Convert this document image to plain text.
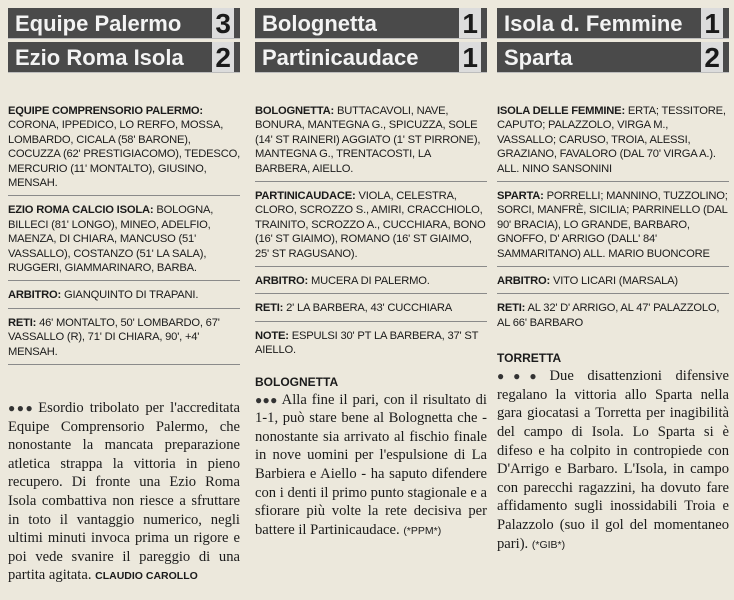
Equipe Palermo 3
Ezio Roma Isola 2
EQUIPE COMPRENSORIO PALERMO: CORONA, IPPEDICO, LO RERFO, MOSSA, LOMBARDO, CICALA (58' BARONE), COCUZZA (62' PRESTIGIACOMO), TEDESCO, MERCURIO (11' MONTALTO), GIUSINO, MENSAH.
EZIO ROMA CALCIO ISOLA: BOLOGNA, BILLECI (81' LONGO), MINEO, ADELFIO, MAENZA, DI CHIARA, MANCUSO (51' VASSALLO), COSTANZO (51' LA SALA), RUGGERI, GIAMMARINARO, BARBA.
ARBITRO: GIANQUINTO DI TRAPANI.
RETI: 46' MONTALTO, 50' LOMBARDO, 67' VASSALLO (R), 71' DI CHIARA, 90', +4' MENSAH.
●●● Esordio tribolato per l'accreditata Equipe Comprensorio Palermo, che nonostante la mancata preparazione atletica strappa la vittoria in pieno recupero. Di fronte una Ezio Roma Isola combattiva non riesce a sfruttare in toto il vantaggio numerico, negli ultimi minuti invoca prima un rigore e poi vede svanire il pareggio di una partita agitata. CLAUDIO CAROLLO
Bolognetta	1
Partinicaudace 1
BOLOGNETTA: BUTTACAVOLI, NAVE, BONURA, MANTEGNA G., SPICUZZA, SOLE (14' ST RAINERI) AGGIATO (1' ST PIRRONE), MANTEGNA G., TRENTACOSTI, LA BARBERA, AIELLO.
PARTINICAUDACE: VIOLA, CELESTRA, CLORO, SCROZZO S., AMIRI, CRACCHIOLO, TRAINITO, SCROZZO A., CUCCHIARA, BONO (16' ST GIAIMO), ROMANO (16' ST GIAIMO, 25' ST RAGUSANO).
ARBITRO: MUCERA DI PALERMO.
RETI: 2' LA BARBERA, 43' CUCCHIARA
NOTE: ESPULSI 30' PT LA BARBERA, 37' ST AIELLO.
BOLOGNETTA
●●● Alla fine il pari, con il risultato di 1-1, può stare bene al Bolognetta che - nonostante sia arrivato al fischio finale in nove uomini per l'espulsione di La Barbiera e Aiello - ha saputo difendere con i denti il primo punto stagionale e a sfiorare più volte la rete decisiva per battere il Partinicaudace. (*PPM*)
Isola d. Femmine 1
Sparta	2
ISOLA DELLE FEMMINE: ERTA; TESSITORE, CAPUTO; PALAZZOLO, VIRGA M., VASSALLO; CARUSO, TROIA, ALESSI, GRAZIANO, FAVALORO (DAL 70' VIRGA A.). ALL. NINO SANSONINI
SPARTA: PORRELLI; MANNINO, TUZZOLINO; SORCI, MANFRÈ, SICILIA; PARRINELLO (DAL 90' BRACIA), LO GRANDE, BARBARO, GNOFFO, D' ARRIGO (DALL' 84' SAMMARITANO) ALL. MARIO BUONCORE
ARBITRO: VITO LICARI (MARSALA)
RETI: AL 32' D' ARRIGO, AL 47' PALAZZOLO, AL 66' BARBARO
TORRETTA
●●● Due disattenzioni difensive regalano la vittoria allo Sparta nella gara giocatasi a Torretta per inagibilità del campo di Isola. Lo Sparta si è difeso e ha colpito in contropiede con D'Arrigo e Barbaro. L'Isola, in campo con parecchi ragazzini, ha dovuto fare affidamento sugli inossidabili Troia e Palazzolo (suo il gol del momentaneo pari). (*GIB*)
